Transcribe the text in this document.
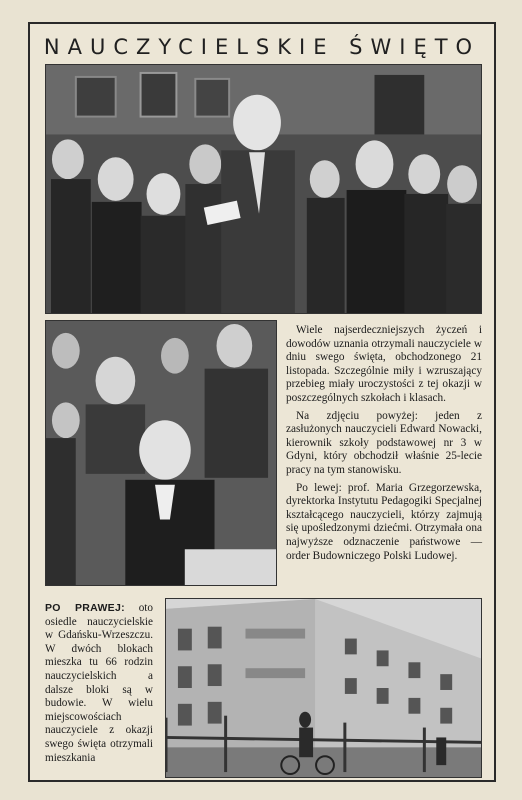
NAUCZYCIELSKIE ŚWIĘTO

Wiele najserdeczniejszych życzeń i dowodów uznania otrzymali nauczyciele w dniu swego święta, obchodzonego 21 listopada. Szczególnie miły i wzruszający przebieg miały uroczystości z tej okazji w poszczególnych szkołach i klasach.

Na zdjęciu powyżej: jeden z zasłużonych nauczycieli Edward Nowacki, kierownik szkoły podstawowej nr 3 w Gdyni, który obchodził właśnie 25-lecie pracy na tym stanowisku.

Po lewej: prof. Maria Grzegorzewska, dyrektorka Instytutu Pedagogiki Specjalnej kształcącego nauczycieli, którzy zajmują się upośledzonymi dziećmi. Otrzymała ona najwyższe odznaczenie państwowe — order Budowniczego Polski Ludowej.

PO PRAWEJ: oto osiedle nauczycielskie w Gdańsku-Wrzeszczu. W dwóch blokach mieszka tu 66 rodzin nauczycielskich a dalsze bloki są w budowie. W wielu miejscowościach nauczyciele z okazji swego święta otrzymali mieszkania
